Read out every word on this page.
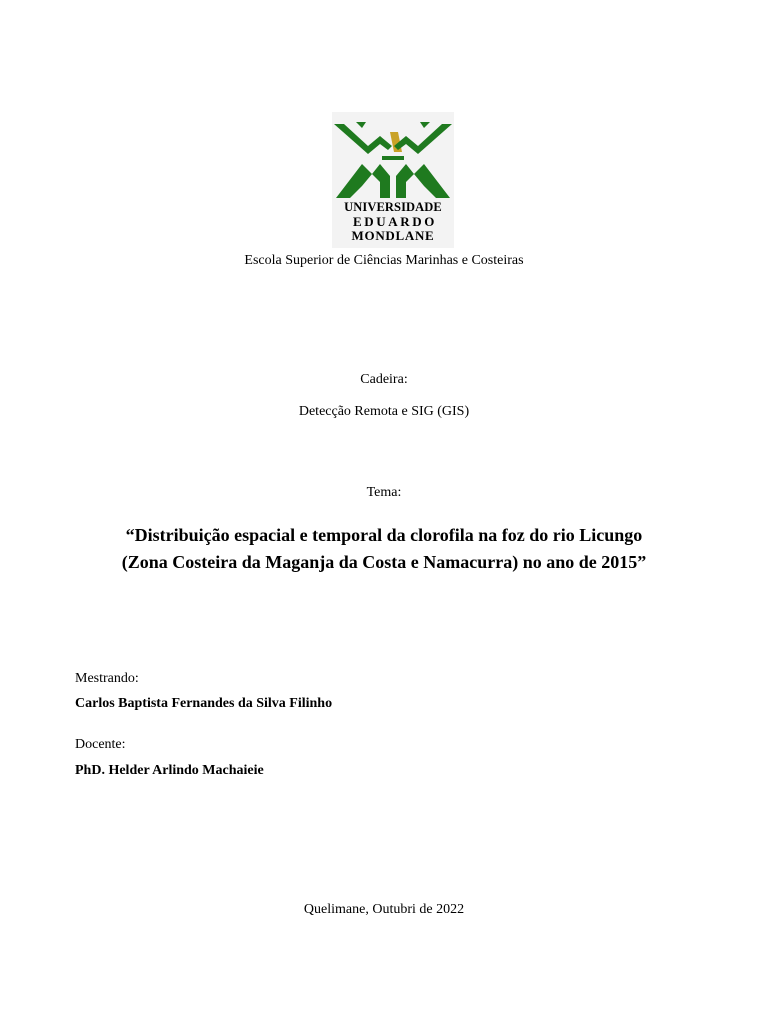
UNIVERSIDADE
EDUARDO
MONDLANE
Escola Superior de Ciências Marinhas e Costeiras
Cadeira:
Detecção Remota e SIG (GIS)
Tema:
“Distribuição espacial e temporal da clorofila na foz do rio Licungo
(Zona Costeira da Maganja da Costa e Namacurra) no ano de 2015”
Mestrando:
Carlos Baptista Fernandes da Silva Filinho
Docente:
PhD. Helder Arlindo Machaieie
Quelimane, Outubri de 2022
